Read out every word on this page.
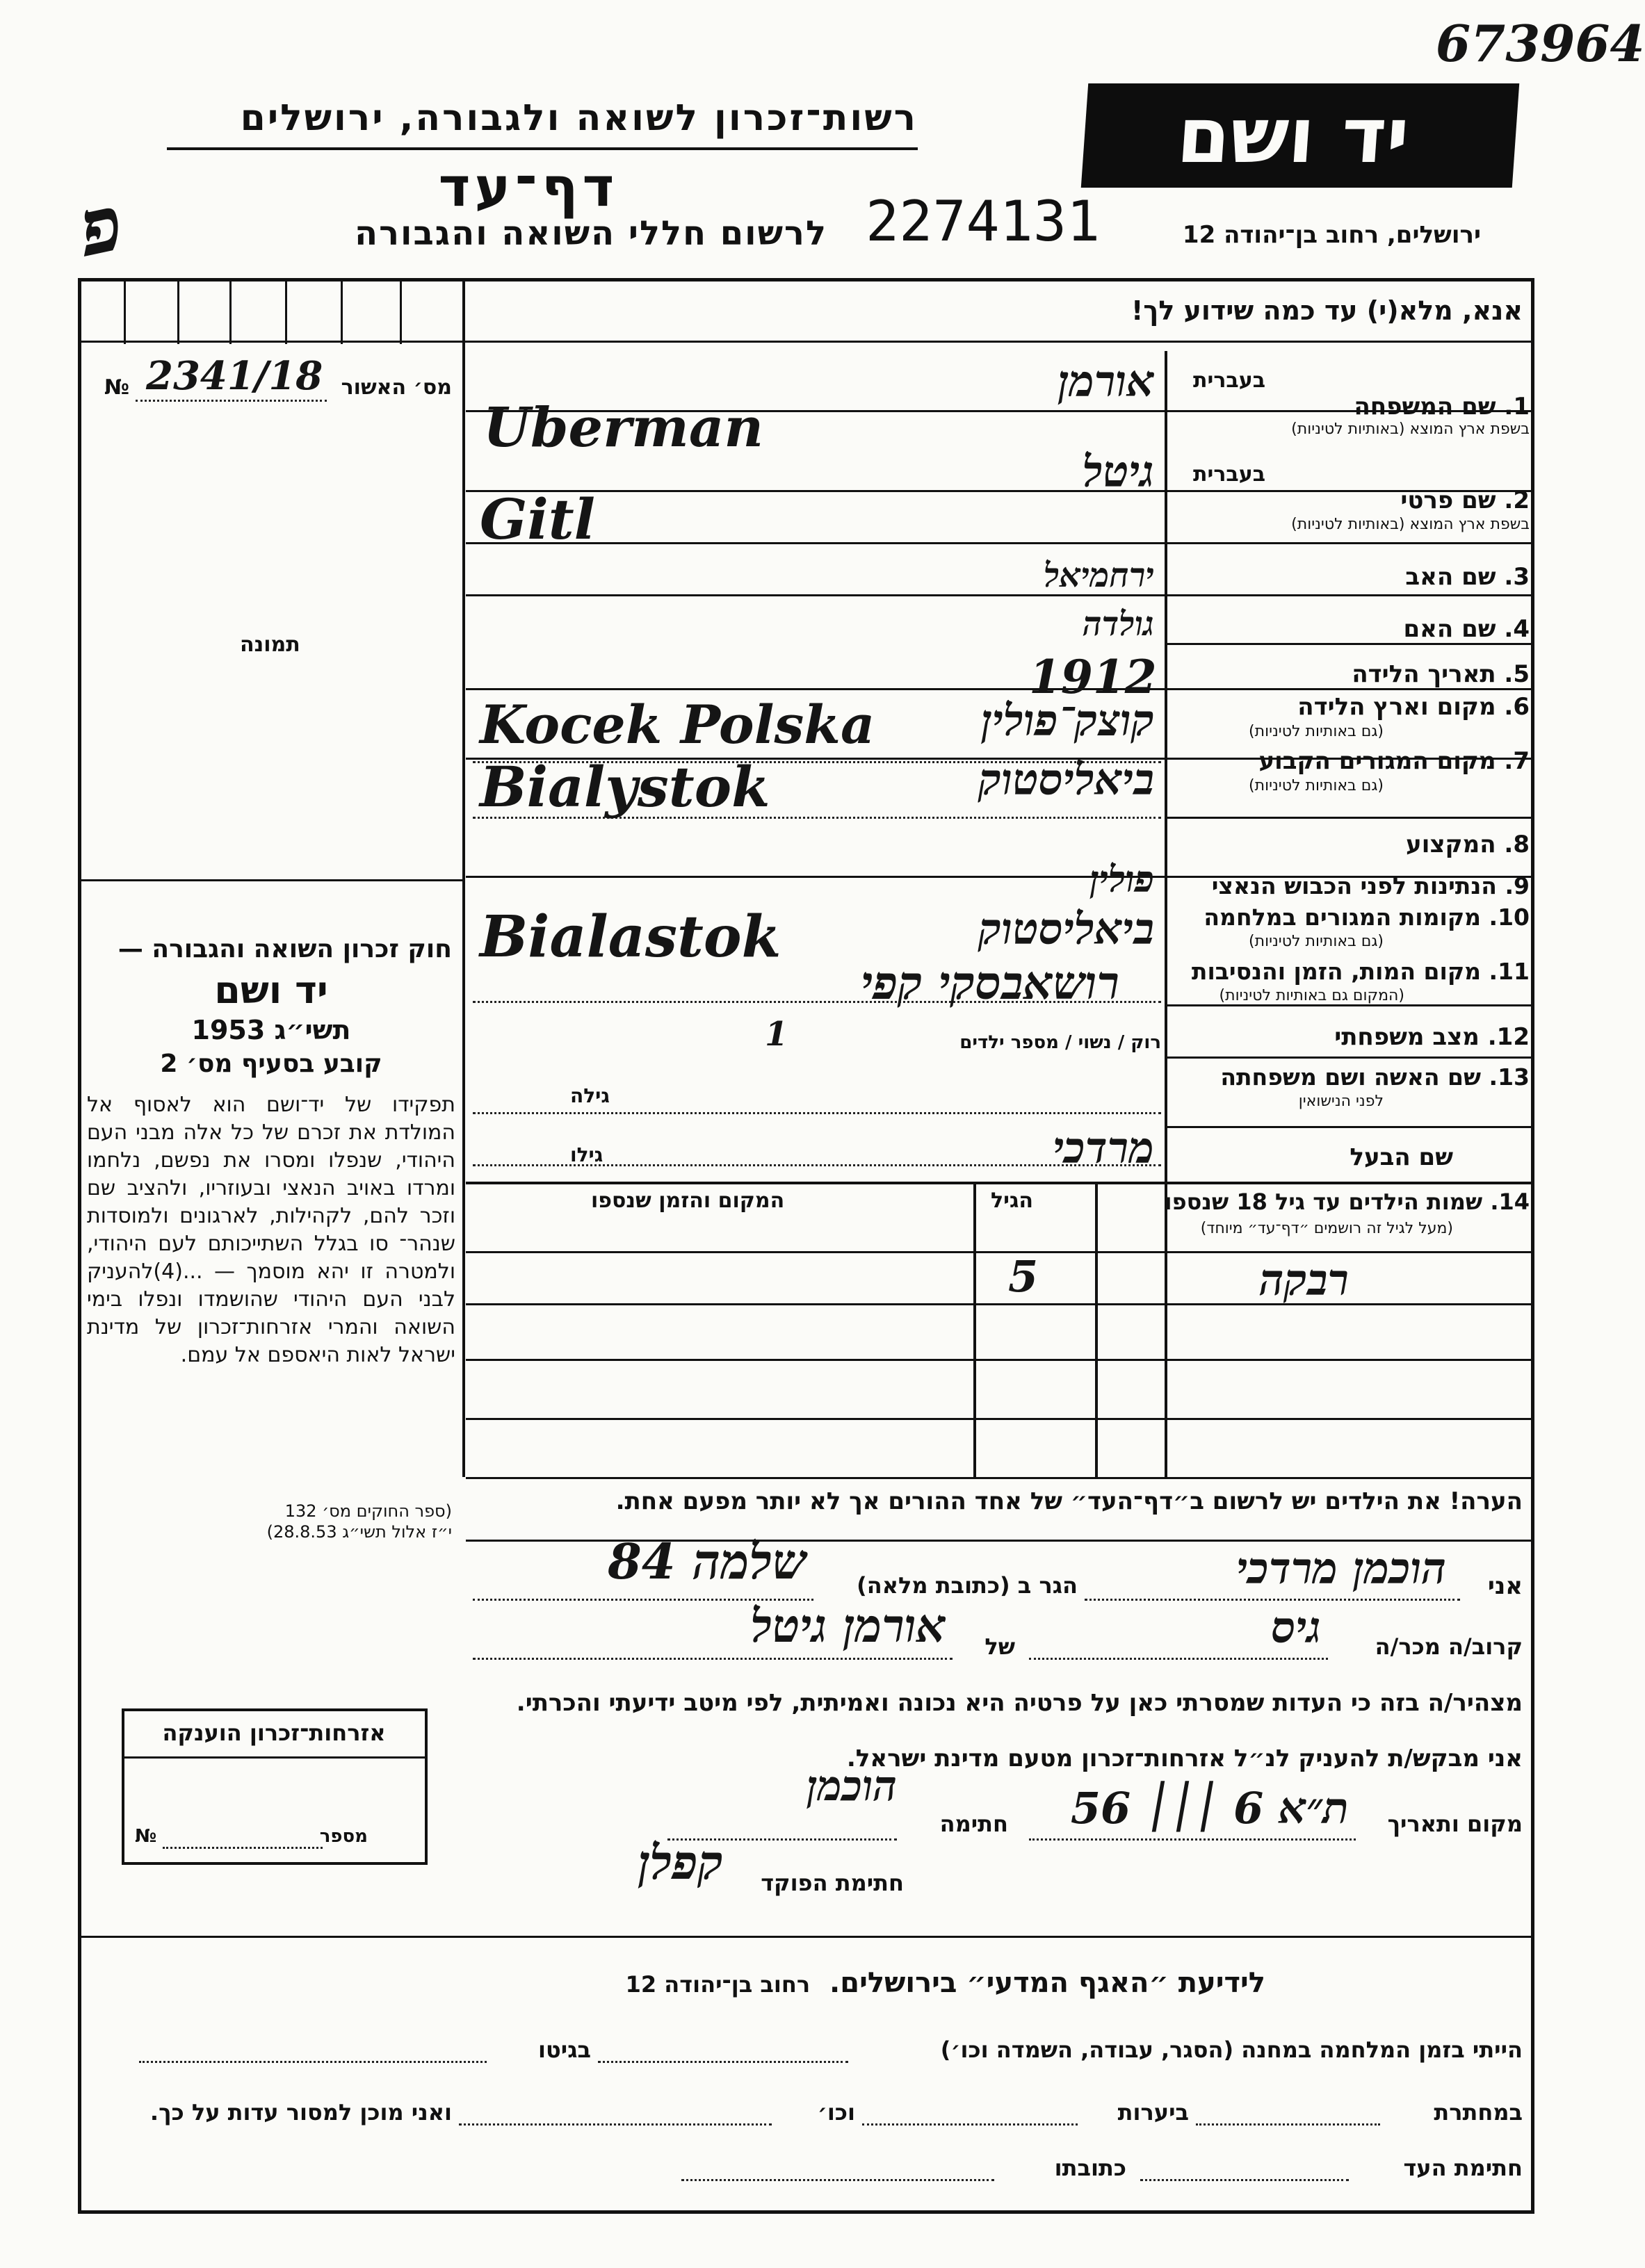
673964
יד ושם
רשות־זכרון לשואה ולגבורה, ירושלים
דף־עד
לרשום חללי השואה והגבורה 2274131	ירושלים, רחוב בן־יהודה 12
פ
אנא, מלא(י) עד כמה שידוע לך!
מס׳ האשור
2341/18
№
תמונה
חוק זכרון השואה והגבורה —
יד ושם
תשי״ג 1953
קובע בסעיף מס׳ 2
תפקידו של יד־ושם הוא לאסוף אל המולדת את זכרם של כל אלה מבני העם היהודי, שנפלו ומסרו את נפשם, נלחמו ומרדו באויב הנאצי ובעוזריו, ולהציב שם וזכר להם, לקהילות, לארגונים ולמוסדות שנהר־ סו בגלל השתייכותם לעם היהודי, ולמטרה זו יהא מוסמך — ...(4)להעניק לבני העם היהודי שהושמדו ונפלו בימי השואה והמרי אזרחות־זכרון של מדינת ישראל לאות היאספם אל עמם.
(ספר החוקים מס׳ 132
י״ז אלול תשי״ג 28.8.53)
בעברית
1. שם המשפחה
בשפת ארץ המוצא (באותיות לטיניות)
אורמן
Uberman
בעברית
2. שם פרטי
בשפת ארץ המוצא (באותיות לטיניות)
גיטל
Gitl
3. שם האב
ירחמיאל
4. שם האם
גולדה
5. תאריך הלידה
1912
6. מקום וארץ הלידה
(גם באותיות לטיניות)
קוצק־פולין
Kocek Polska
7. מקום המגורים הקבוע
(גם באותיות לטיניות)
ביאליסטוק
Bialystok
8. המקצוע
9. הנתינות לפני הכבוש הנאצי
פולין
10. מקומות המגורים במלחמה
(גם באותיות לטיניות)
ביאליסטוק
Bialastok
11. מקום המות, הזמן והנסיבות
(המקום גם באותיות לטיניות)
רושאבסקי קפי
12. מצב משפחתי
רוק / נשוי / מספר ילדים
1
13. שם האשה ושם משפחתה
לפני הנישואין
גילה
שם הבעל
גילו	מרדכי
14. שמות הילדים עד גיל 18 שנספו
(מעל לגיל זה רושמים ״דף־עד״ מיוחד)
הגיל
המקום והזמן שנספו
רבקה
5
הערה! את הילדים יש לרשום ב״דף־העד״ של אחד ההורים אך לא יותר מפעם אחת.
אני
הוכמן מרדכי
הגר ב (כתובת מלאה)
שלמה 84
קרוב/ה מכר/ה
גיס
של
אורמן גיטל
מצהיר/ה בזה כי העדות שמסרתי כאן על פרטיה היא נכונה ואמיתית, לפי מיטב ידיעתי והכרתי.
אני מבקש/ת להעניק לנ״ל אזרחות־זכרון מטעם מדינת ישראל.
מקום ותאריך
ת״א 6 ׀׀׀ 56
חתימה
הוכמן
חתימת הפוקד
קפלן
אזרחות־זכרון הוענקה
מספר
№
לידיעת ״האגף המדעי״ בירושלים.  רחוב בן־יהודה 12
הייתי בזמן המלחמה במחנה (הסגר, עבודה, השמדה וכו׳)
בגיטו
במחתרת
ביערות
וכו׳
ואני מוכן למסור עדות על כך.
חתימת העד
כתובתו
